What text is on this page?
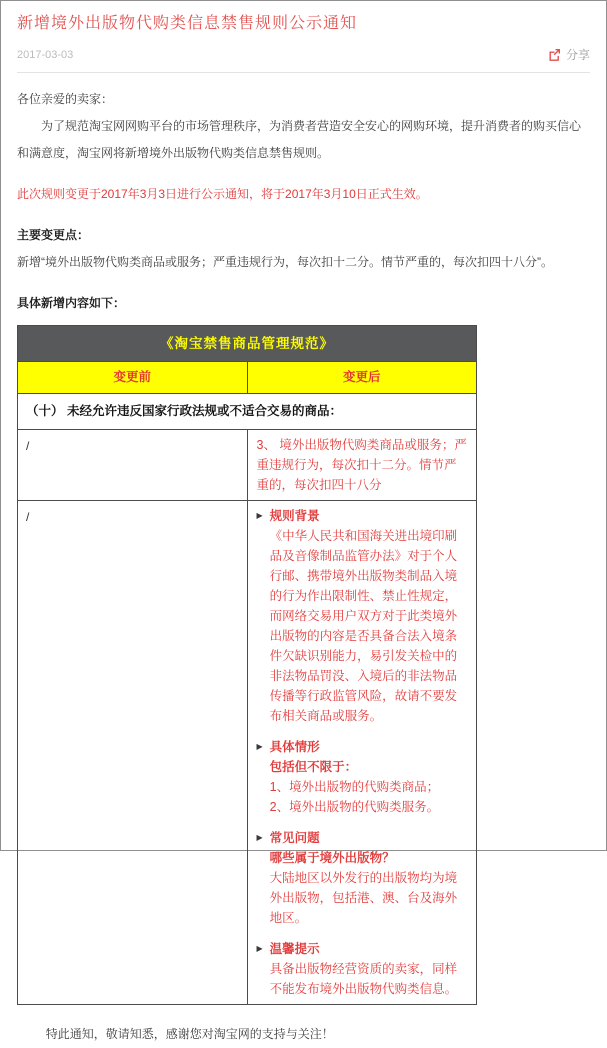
新增境外出版物代购类信息禁售规则公示通知
2017-03-03	分享

各位亲爱的卖家：

为了规范淘宝网网购平台的市场管理秩序，为消费者营造安全安心的网购环境，提升消费者的购买信心和满意度，淘宝网将新增境外出版物代购类信息禁售规则。

此次规则变更于2017年3月3日进行公示通知，将于2017年3月10日正式生效。

主要变更点：

新增“境外出版物代购类商品或服务；严重违规行为，每次扣十二分。情节严重的，每次扣四十八分”。

具体新增内容如下：

《淘宝禁售商品管理规范》	
变更前	变更后
（十） 未经允许违反国家行政法规或不适合交易的商品：	
/	3、 境外出版物代购类商品或服务；严重违规行为，每次扣十二分。情节严重的，每次扣四十八分

/	▶ 规则背景

《中华人民共和国海关进出境印刷品及音像制品监管办法》对于个人行邮、携带境外出版物类制品入境的行为作出限制性、禁止性规定，而网络交易用户双方对于此类境外出版物的内容是否具备合法入境条件欠缺识别能力，易引发关检中的非法物品罚没、入境后的非法物品传播等行政监管风险，故请不要发布相关商品或服务。

▶ 具体情形
包括但不限于：

1、境外出版物的代购类商品；

2、境外出版物的代购类服务。

▶ 常见问题
哪些属于境外出版物？

大陆地区以外发行的出版物均为境外出版物，包括港、澳、台及海外地区。

▶ 温馨提示

具备出版物经营资质的卖家，同样不能发布境外出版物代购类信息。

特此通知，敬请知悉，感谢您对淘宝网的支持与关注！
